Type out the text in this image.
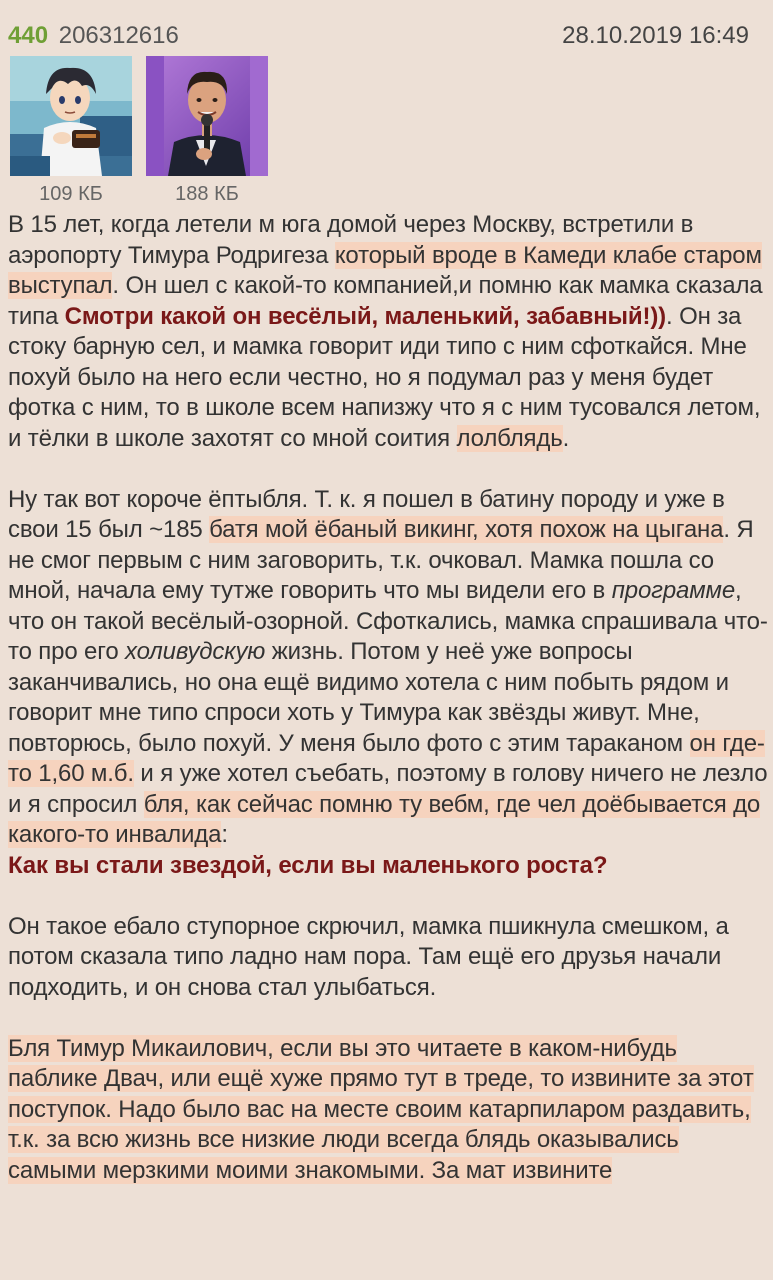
440 206312616	28.10.2019 16:49
109 КБ	188 КБ

В 15 лет, когда летели м юга домой через Москву, встретили в аэропорту Тимура Родригеза который вроде в Камеди клабе старом выступал. Он шел с какой-то компанией,и помню как мамка сказала типа Смотри какой он весёлый, маленький, забавный!)). Он за стоку барную сел, и мамка говорит иди типо с ним сфоткайся. Мне похуй было на него если честно, но я подумал раз у меня будет фотка с ним, то в школе всем напизжу что я с ним тусовался летом, и тёлки в школе захотят со мной соития лолблядь.

Ну так вот короче ёптыбля. Т. к. я пошел в батину породу и уже в свои 15 был ~185 батя мой ёбаный викинг, хотя похож на цыгана. Я не смог первым с ним заговорить, т.к. очковал. Мамка пошла со мной, начала ему тутже говорить что мы видели его в программе, что он такой весёлый-озорной. Сфоткались, мамка спрашивала что-то про его холивудскую жизнь. Потом у неё уже вопросы заканчивались, но она ещё видимо хотела с ним побыть рядом и говорит мне типо спроси хоть у Тимура как звёзды живут. Мне, повторюсь, было похуй. У меня было фото с этим тараканом он где-то 1,60 м.б. и я уже хотел съебать, поэтому в голову ничего не лезло и я спросил бля, как сейчас помню ту вебм, где чел доёбывается до какого-то инвалида:
Как вы стали звездой, если вы маленького роста?

Он такое ебало ступорное скрючил, мамка пшикнула смешком, а потом сказала типо ладно нам пора. Там ещё его друзья начали подходить, и он снова стал улыбаться.

Бля Тимур Микаилович, если вы это читаете в каком-нибудь паблике Двач, или ещё хуже прямо тут в треде, то извините за этот поступок. Надо было вас на месте своим катарпиларом раздавить, т.к. за всю жизнь все низкие люди всегда блядь оказывались самыми мерзкими моими знакомыми. За мат извините
